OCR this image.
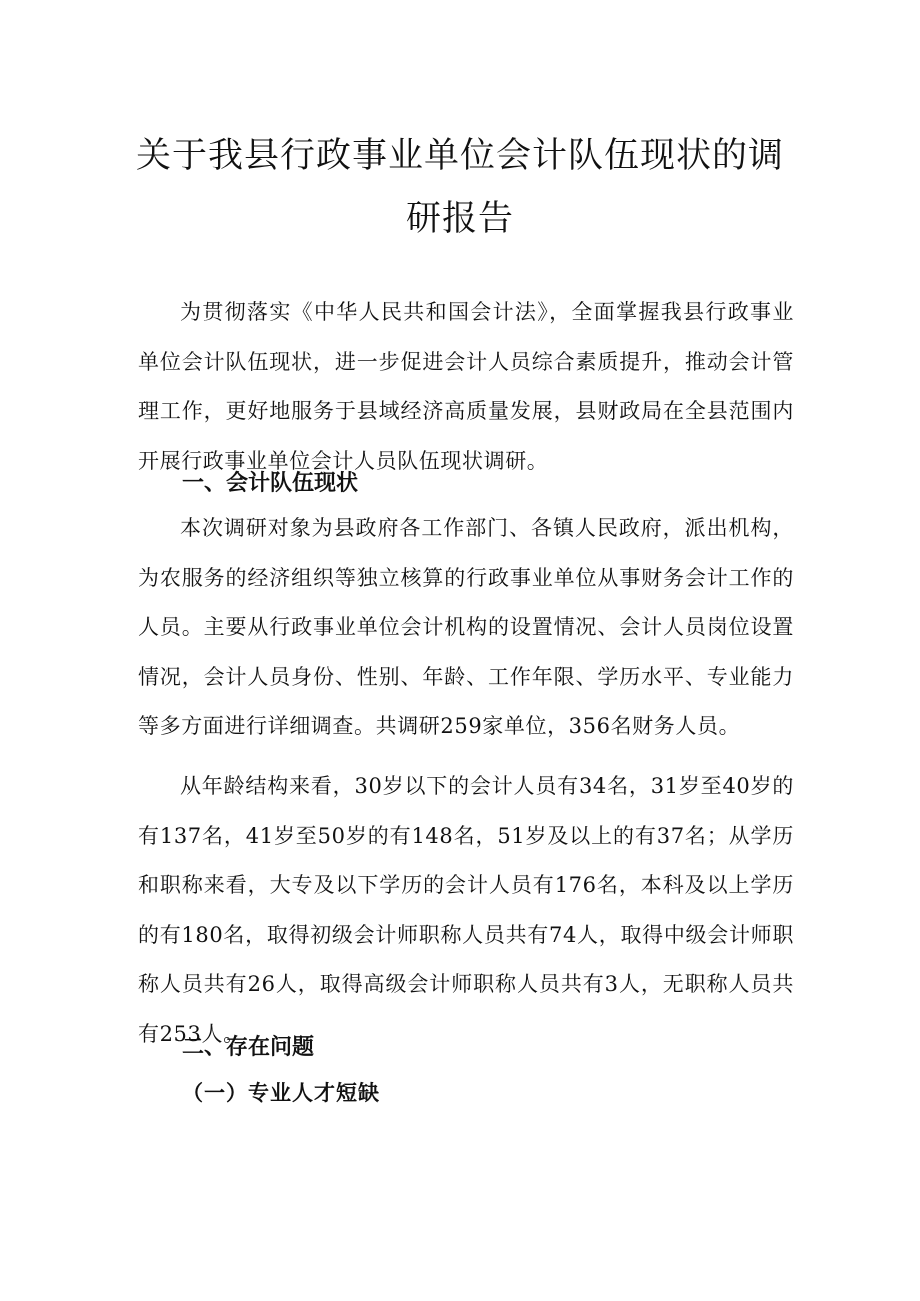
关于我县行政事业单位会计队伍现状的调
研报告

为贯彻落实《中华人民共和国会计法》，全面掌握我县行政事业单位会计队伍现状，进一步促进会计人员综合素质提升，推动会计管理工作，更好地服务于县域经济高质量发展，县财政局在全县范围内开展行政事业单位会计人员队伍现状调研。

一、会计队伍现状

本次调研对象为县政府各工作部门、各镇人民政府，派出机构，为农服务的经济组织等独立核算的行政事业单位从事财务会计工作的人员。主要从行政事业单位会计机构的设置情况、会计人员岗位设置情况，会计人员身份、性别、年龄、工作年限、学历水平、专业能力等多方面进行详细调查。共调研259家单位，356名财务人员。

从年龄结构来看，30岁以下的会计人员有34名，31岁至40岁的有137名，41岁至50岁的有148名，51岁及以上的有37名；从学历和职称来看，大专及以下学历的会计人员有176名，本科及以上学历的有180名，取得初级会计师职称人员共有74人，取得中级会计师职称人员共有26人，取得高级会计师职称人员共有3人，无职称人员共有253人。

二、存在问题
（一）专业人才短缺
